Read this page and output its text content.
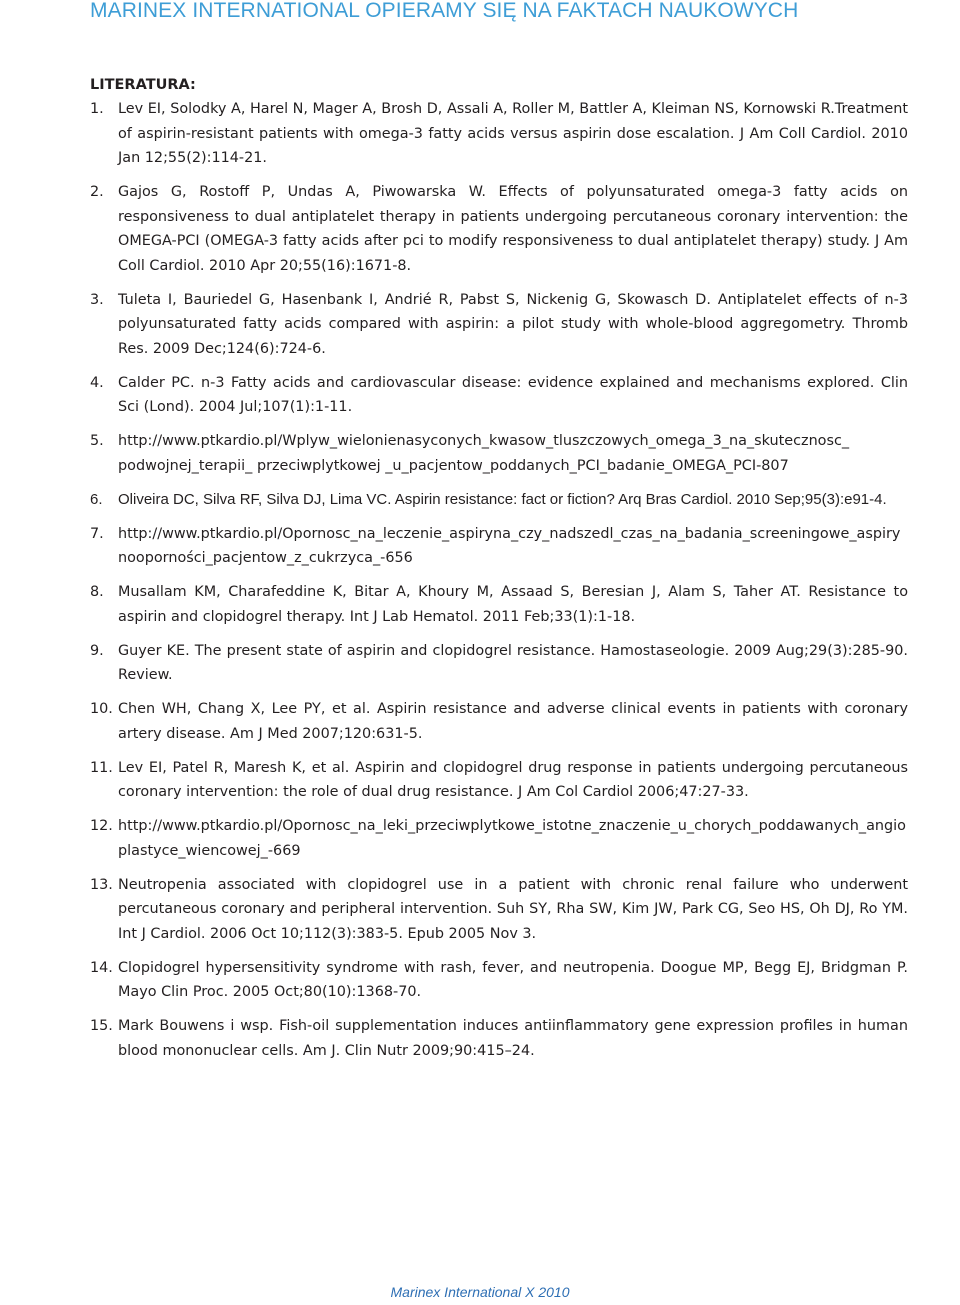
MARINEX INTERNATIONAL OPIERAMY SIĘ NA FAKTACH NAUKOWYCH
LITERATURA:
1. Lev EI, Solodky A, Harel N, Mager A, Brosh D, Assali A, Roller M, Battler A, Kleiman NS, Kornowski R.Treatment of aspirin-resistant patients with omega-3 fatty acids versus aspirin dose escalation. J Am Coll Cardiol. 2010 Jan 12;55(2):114-21.
2. Gajos G, Rostoff P, Undas A, Piwowarska W. Effects of polyunsaturated omega-3 fatty acids on responsiveness to dual antiplatelet therapy in patients undergoing percutaneous coronary intervention: the OMEGA-PCI (OMEGA-3 fatty acids after pci to modify responsiveness to dual antiplatelet therapy) study. J Am Coll Cardiol. 2010 Apr 20;55(16):1671-8.
3. Tuleta I, Bauriedel G, Hasenbank I, Andrié R, Pabst S, Nickenig G, Skowasch D. Antiplatelet effects of n-3 polyunsaturated fatty acids compared with aspirin: a pilot study with whole-blood aggregometry. Thromb Res. 2009 Dec;124(6):724-6.
4. Calder PC. n-3 Fatty acids and cardiovascular disease: evidence explained and mechanisms explored. Clin Sci (Lond). 2004 Jul;107(1):1-11.
5. http://www.ptkardio.pl/Wplyw_wielonienasyconych_kwasow_tluszczowych_omega_3_na_skutecznosc_ podwojnej_terapii_ przeciwplytkowej _u_pacjentow_poddanych_PCI_badanie_OMEGA_PCI-807
6.	Oliveira DC, Silva RF, Silva DJ, Lima VC. Aspirin resistance: fact or fiction? Arq Bras Cardiol. 2010 Sep;95(3):e91-4.
7. http://www.ptkardio.pl/Opornosc_na_leczenie_aspiryna_czy_nadszedl_czas_na_badania_screeningowe_aspirynooporności_pacjentow_z_cukrzyca_-656
8. Musallam KM, Charafeddine K, Bitar A, Khoury M, Assaad S, Beresian J, Alam S, Taher AT. Resistance to aspirin and clopidogrel therapy. Int J Lab Hematol. 2011 Feb;33(1):1-18.
9. Guyer KE. The present state of aspirin and clopidogrel resistance. Hamostaseologie. 2009 Aug;29(3):285-90. Review.
10. Chen WH, Chang X, Lee PY, et al. Aspirin resistance and adverse clinical events in patients with coronary artery disease. Am J Med 2007;120:631-5.
11. Lev EI, Patel R, Maresh K, et al. Aspirin and clopidogrel drug response in patients undergoing percutaneous coronary intervention: the role of dual drug resistance. J Am Col Cardiol 2006;47:27-33.
12. http://www.ptkardio.pl/Opornosc_na_leki_przeciwplytkowe_istotne_znaczenie_u_chorych_poddawanych_angioplastyce_wiencowej_-669
13. Neutropenia associated with clopidogrel use in a patient with chronic renal failure who underwent percutaneous coronary and peripheral intervention. Suh SY, Rha SW, Kim JW, Park CG, Seo HS, Oh DJ, Ro YM. Int J Cardiol. 2006 Oct 10;112(3):383-5. Epub 2005 Nov 3.
14. Clopidogrel hypersensitivity syndrome with rash, fever, and neutropenia. Doogue MP, Begg EJ, Bridgman P. Mayo Clin Proc. 2005 Oct;80(10):1368-70.
15. Mark Bouwens i wsp. Fish-oil supplementation induces antiinflammatory gene expression profiles in human blood mononuclear cells. Am J. Clin Nutr 2009;90:415–24.
Marinex International X 2010
